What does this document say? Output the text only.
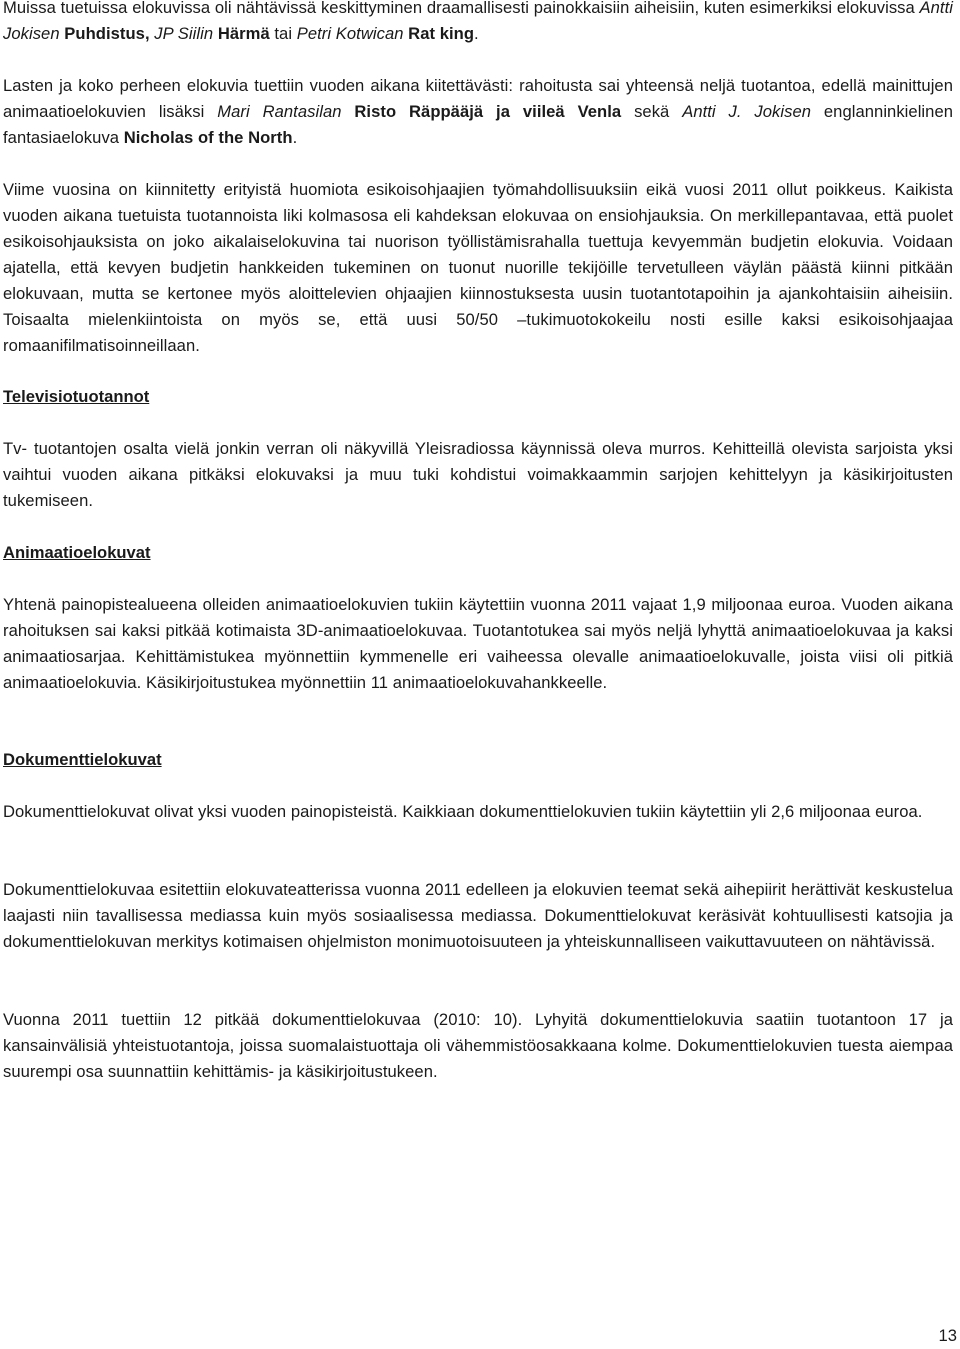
Muissa tuetuissa elokuvissa oli nähtävissä keskittyminen draamallisesti painokkaisiin aiheisiin, kuten esimerkiksi elokuvissa Antti Jokisen Puhdistus, JP Siilin Härmä tai Petri Kotwican Rat king.

Lasten ja koko perheen elokuvia tuettiin vuoden aikana kiitettävästi: rahoitusta sai yhteensä neljä tuotantoa, edellä mainittujen animaatioelokuvien lisäksi Mari Rantasilan Risto Räppääjä ja viileä Venla sekä Antti J. Jokisen englanninkielinen fantasiaelokuva Nicholas of the North.

Viime vuosina on kiinnitetty erityistä huomiota esikoisohjaajien työmahdollisuuksiin eikä vuosi 2011 ollut poikkeus. Kaikista vuoden aikana tuetuista tuotannoista liki kolmasosa eli kahdeksan elokuvaa on ensiohjauksia. On merkillepantavaa, että puolet esikoisohjauksista on joko aikalaiselokuvina tai nuorison työllistämisrahalla tuettuja kevyemmän budjetin elokuvia. Voidaan ajatella, että kevyen budjetin hankkeiden tukeminen on tuonut nuorille tekijöille tervetulleen väylän päästä kiinni pitkään elokuvaan, mutta se kertonee myös aloittelevien ohjaajien kiinnostuksesta uusin tuotantotapoihin ja ajankohtaisiin aiheisiin. Toisaalta mielenkiintoista on myös se, että uusi 50/50 –tukimuotokokeilu nosti esille kaksi esikoisohjaajaa romaanifilmatisoinneillaan.

Televisiotuotannot

Tv- tuotantojen osalta vielä jonkin verran oli näkyvillä Yleisradiossa käynnissä oleva murros. Kehitteillä olevista sarjoista yksi vaihtui vuoden aikana pitkäksi elokuvaksi ja muu tuki kohdistui voimakkaammin sarjojen kehittelyyn ja käsikirjoitusten tukemiseen.

Animaatioelokuvat

Yhtenä painopistealueena olleiden animaatioelokuvien tukiin käytettiin vuonna 2011 vajaat 1,9 miljoonaa euroa. Vuoden aikana rahoituksen sai kaksi pitkää kotimaista 3D-animaatioelokuvaa. Tuotantotukea sai myös neljä lyhyttä animaatioelokuvaa ja kaksi animaatiosarjaa. Kehittämistukea myönnettiin kymmenelle eri vaiheessa olevalle animaatioelokuvalle, joista viisi oli pitkiä animaatioelokuvia. Käsikirjoitustukea myönnettiin 11 animaatioelokuvahankkeelle.

Dokumenttielokuvat

Dokumenttielokuvat olivat yksi vuoden painopisteistä. Kaikkiaan dokumenttielokuvien tukiin käytettiin yli 2,6 miljoonaa euroa.

Dokumenttielokuvaa esitettiin elokuvateatterissa vuonna 2011 edelleen ja elokuvien teemat sekä aihepiirit herättivät keskustelua laajasti niin tavallisessa mediassa kuin myös sosiaalisessa mediassa. Dokumenttielokuvat keräsivät kohtuullisesti katsojia ja dokumenttielokuvan merkitys kotimaisen ohjelmiston monimuotoisuuteen ja yhteiskunnalliseen vaikuttavuuteen on nähtävissä.

Vuonna 2011 tuettiin 12 pitkää dokumenttielokuvaa (2010: 10). Lyhyitä dokumenttielokuvia saatiin tuotantoon 17 ja kansainvälisiä yhteistuotantoja, joissa suomalaistuottaja oli vähemmistöosakkaana kolme. Dokumenttielokuvien tuesta aiempaa suurempi osa suunnattiin kehittämis- ja käsikirjoitustukeen.

13
